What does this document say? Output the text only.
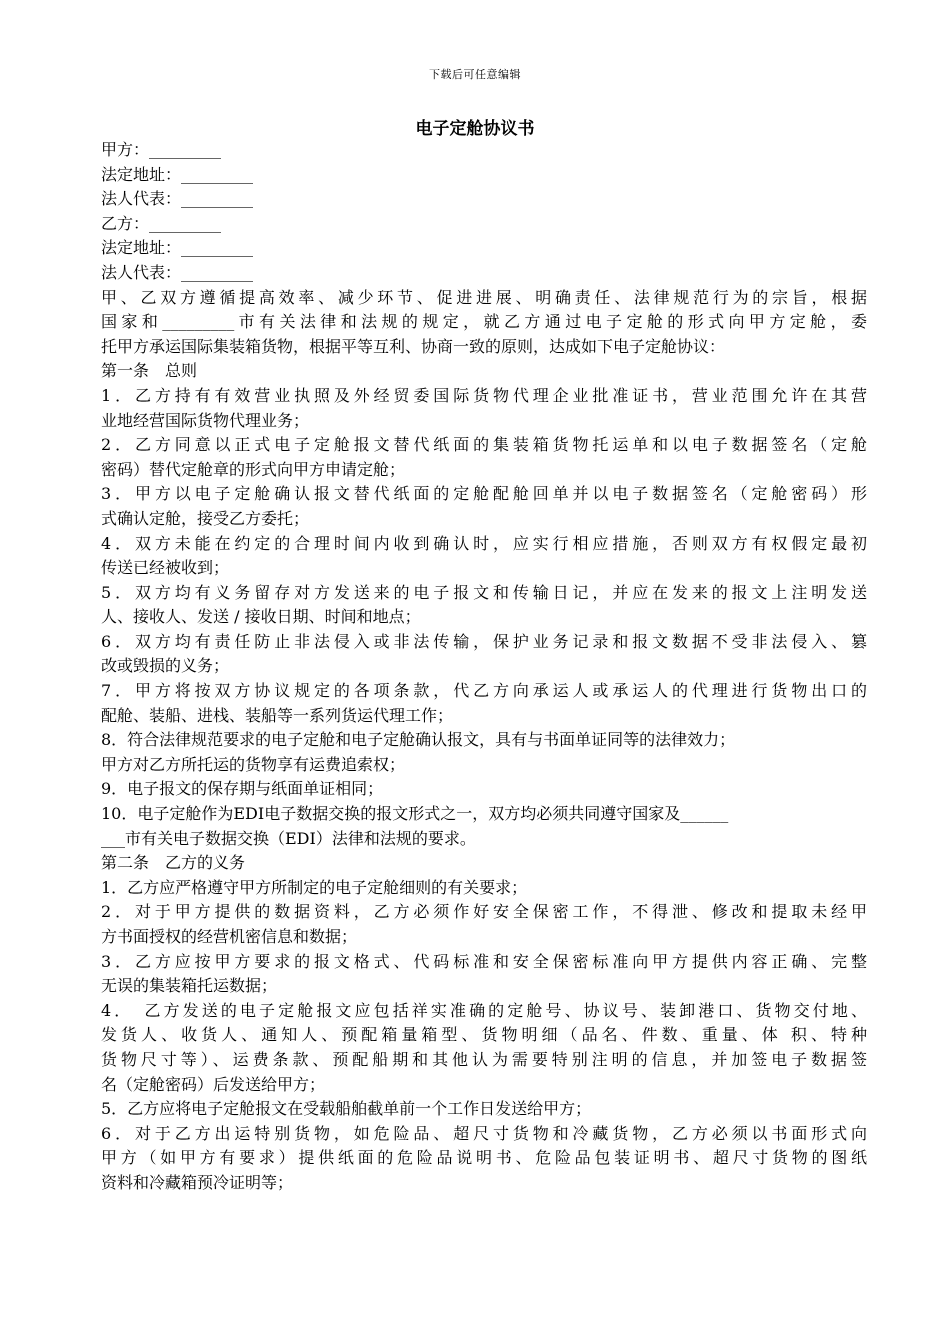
下载后可任意编辑
电子定舱协议书
甲方：_________
法定地址：_________
法人代表：_________
乙方：_________
法定地址：_________
法人代表：_________
甲、乙双方遵循提高效率、减少环节、促进进展、明确责任、法律规范行为的宗旨，根据
国家和_________市有关法律和法规的规定，就乙方通过电子定舱的形式向甲方定舱，委
托甲方承运国际集装箱货物，根据平等互利、协商一致的原则，达成如下电子定舱协议：
第一条　总则
1．乙方持有有效营业执照及外经贸委国际货物代理企业批准证书，营业范围允许在其营
业地经营国际货物代理业务；
2．乙方同意以正式电子定舱报文替代纸面的集装箱货物托运单和以电子数据签名（定舱
密码）替代定舱章的形式向甲方申请定舱；
3．甲方以电子定舱确认报文替代纸面的定舱配舱回单并以电子数据签名（定舱密码）形
式确认定舱，接受乙方委托；
4．双方未能在约定的合理时间内收到确认时，应实行相应措施，否则双方有权假定最初
传送已经被收到；
5．双方均有义务留存对方发送来的电子报文和传输日记，并应在发来的报文上注明发送
人、接收人、发送 / 接收日期、时间和地点；
6．双方均有责任防止非法侵入或非法传输，保护业务记录和报文数据不受非法侵入、篡
改或毁损的义务；
7．甲方将按双方协议规定的各项条款，代乙方向承运人或承运人的代理进行货物出口的
配舱、装船、进栈、装船等一系列货运代理工作；
8．符合法律规范要求的电子定舱和电子定舱确认报文，具有与书面单证同等的法律效力；
甲方对乙方所托运的货物享有运费追索权；
9．电子报文的保存期与纸面单证相同；
10．电子定舱作为EDI电子数据交换的报文形式之一，双方均必须共同遵守国家及______
___市有关电子数据交换（EDI）法律和法规的要求。
第二条　乙方的义务
1．乙方应严格遵守甲方所制定的电子定舱细则的有关要求；
2．对于甲方提供的数据资料，乙方必须作好安全保密工作，不得泄、修改和提取未经甲
方书面授权的经营机密信息和数据；
3．乙方应按甲方要求的报文格式、代码标准和安全保密标准向甲方提供内容正确、完整
无误的集装箱托运数据；
4．　乙方发送的电子定舱报文应包括祥实准确的定舱号、协议号、装卸港口、货物交付地、
发货人、收货人、通知人、预配箱量箱型、货物明细（品名、件数、重量、体 积、特种
货物尺寸等）、运费条款、预配船期和其他认为需要特别注明的信息，并加签电子数据签
名（定舱密码）后发送给甲方；
5．乙方应将电子定舱报文在受载船舶截单前一个工作日发送给甲方；
6．对于乙方出运特别货物，如危险品、超尺寸货物和冷藏货物，乙方必须以书面形式向
甲方（如甲方有要求）提供纸面的危险品说明书、危险品包装证明书、超尺寸货物的图纸
资料和冷藏箱预冷证明等；
